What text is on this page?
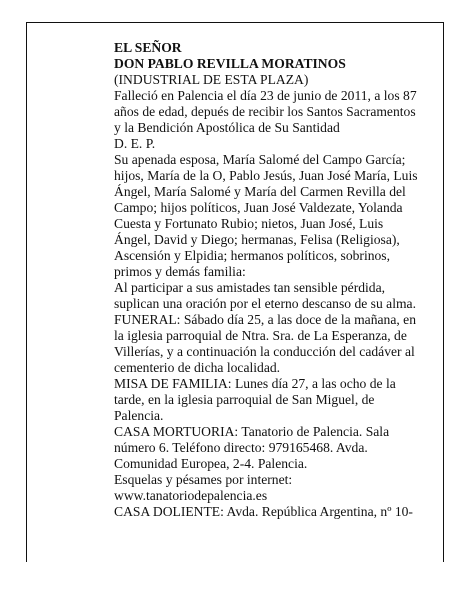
EL SEÑOR
DON PABLO REVILLA MORATINOS
(INDUSTRIAL DE ESTA PLAZA)
Falleció en Palencia el día 23 de junio de 2011, a los 87
años de edad, depués de recibir los Santos Sacramentos
y la Bendición Apostólica de Su Santidad
D. E. P.
Su apenada esposa, María Salomé del Campo García;
hijos, María de la O, Pablo Jesús, Juan José María, Luis
Ángel, María Salomé y María del Carmen Revilla del
Campo; hijos políticos, Juan José Valdezate, Yolanda
Cuesta y Fortunato Rubio; nietos, Juan José, Luis
Ángel, David y Diego; hermanas, Felisa (Religiosa),
Ascensión y Elpidia; hermanos políticos, sobrinos,
primos y demás familia:
Al participar a sus amistades tan sensible pérdida,
suplican una oración por el eterno descanso de su alma.
FUNERAL: Sábado día 25, a las doce de la mañana, en
la iglesia parroquial de Ntra. Sra. de La Esperanza, de
Villerías, y a continuación la conducción del cadáver al
cementerio de dicha localidad.
MISA DE FAMILIA: Lunes día 27, a las ocho de la
tarde, en la iglesia parroquial de San Miguel, de
Palencia.
CASA MORTUORIA: Tanatorio de Palencia. Sala
número 6. Teléfono directo: 979165468. Avda.
Comunidad Europea, 2-4. Palencia.
Esquelas y pésames por internet:
www.tanatoriodepalencia.es
CASA DOLIENTE: Avda. República Argentina, nº 10-
